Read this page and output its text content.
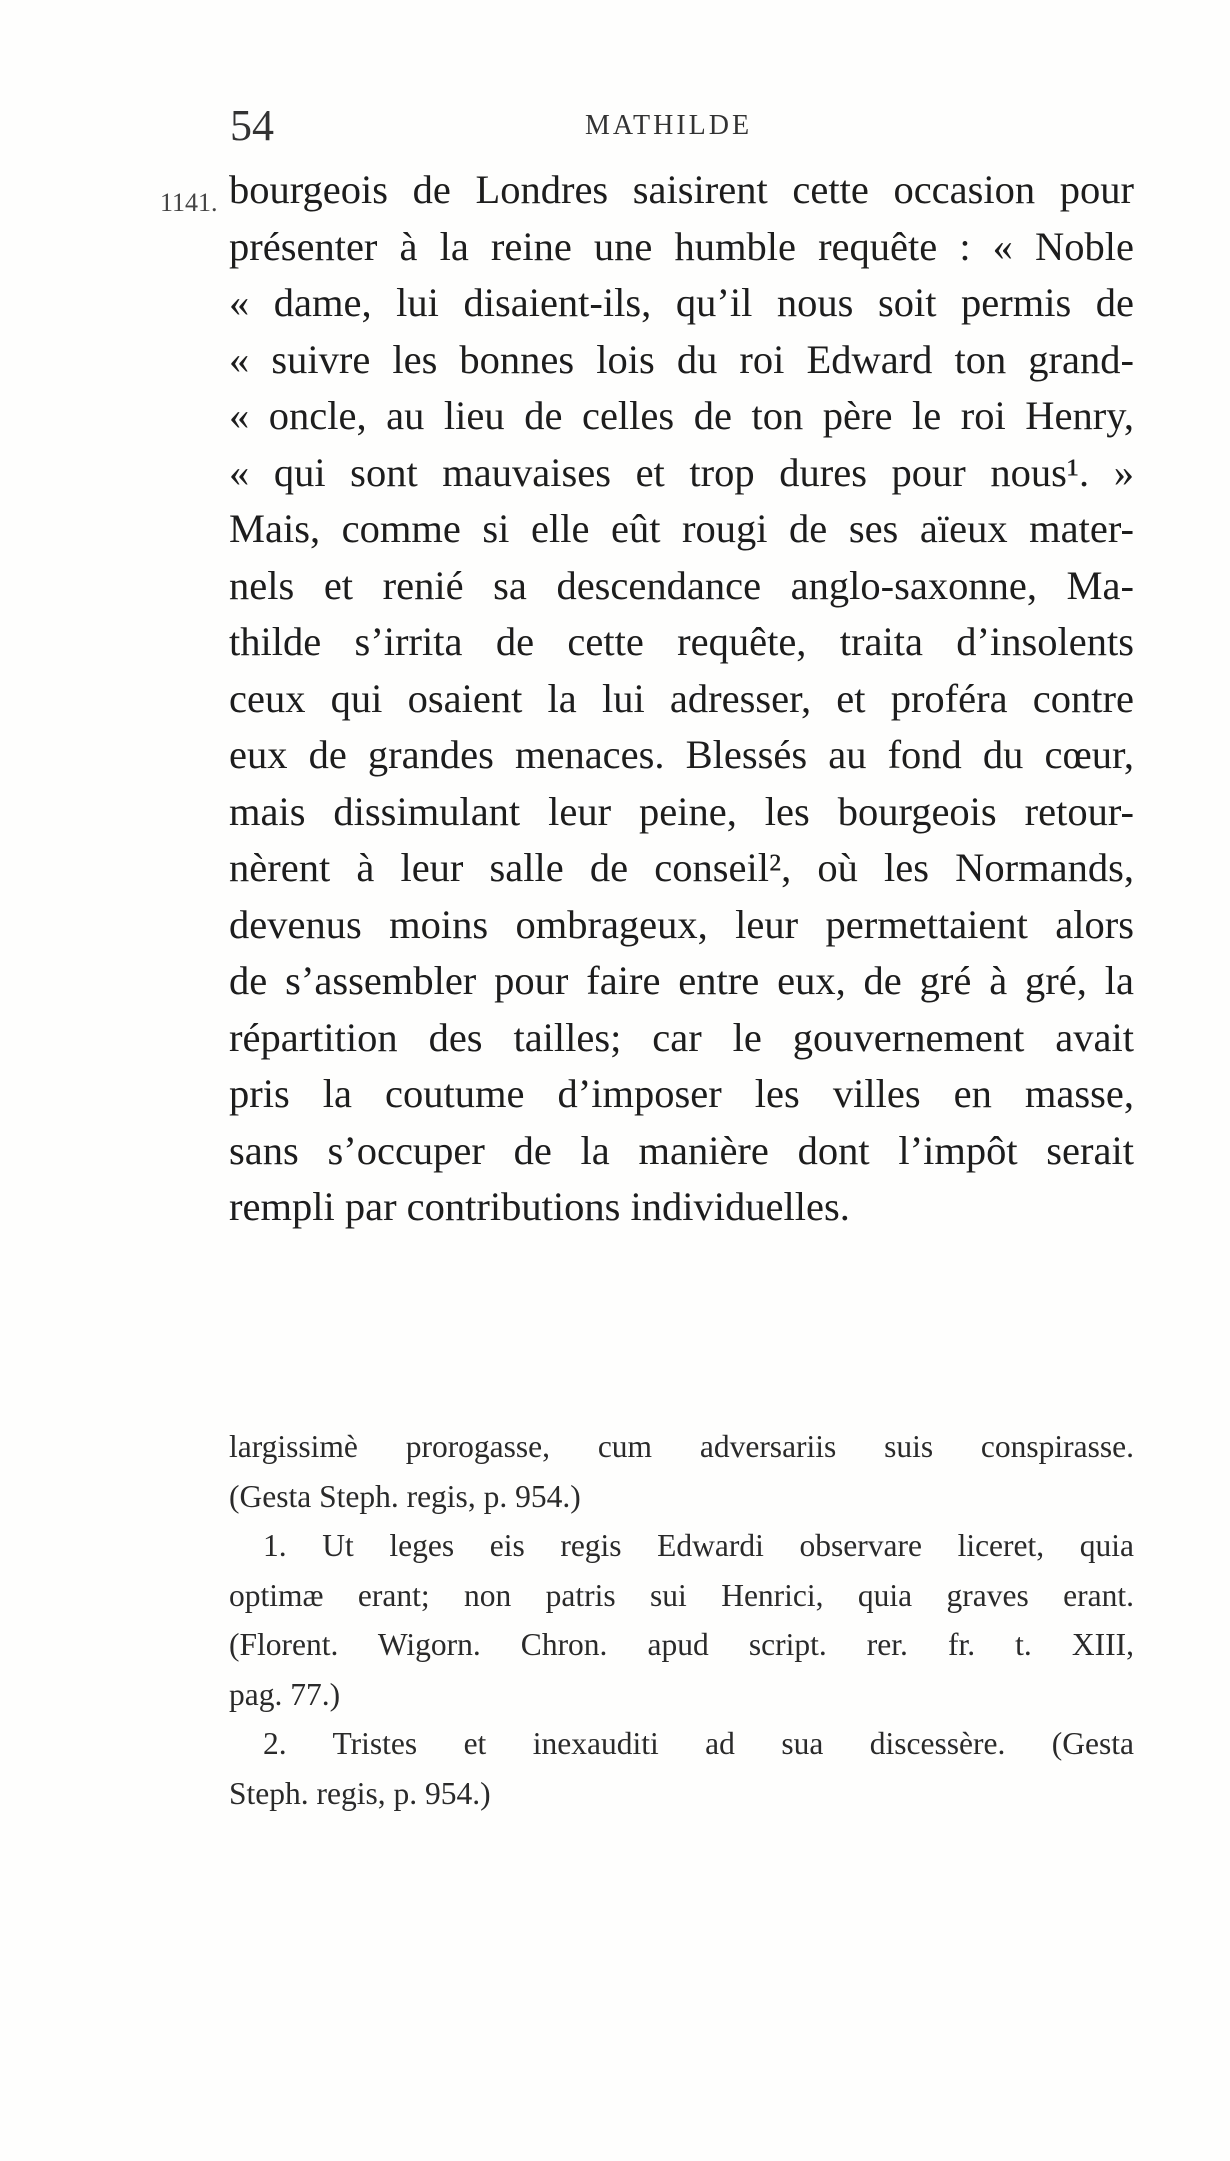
54	MATHILDE
1141. bourgeois de Londres saisirent cette occasion pour
présenter à la reine une humble requête : « Noble
« dame, lui disaient-ils, qu’il nous soit permis de
« suivre les bonnes lois du roi Edward ton grand-
« oncle, au lieu de celles de ton père le roi Henry,
« qui sont mauvaises et trop dures pour nous¹. »
Mais, comme si elle eût rougi de ses aïeux mater-
nels et renié sa descendance anglo-saxonne, Ma-
thilde s’irrita de cette requête, traita d’insolents
ceux qui osaient la lui adresser, et proféra contre
eux de grandes menaces. Blessés au fond du cœur,
mais dissimulant leur peine, les bourgeois retour-
nèrent à leur salle de conseil², où les Normands,
devenus moins ombrageux, leur permettaient alors
de s’assembler pour faire entre eux, de gré à gré, la
répartition des tailles; car le gouvernement avait
pris la coutume d’imposer les villes en masse,
sans s’occuper de la manière dont l’impôt serait
rempli par contributions individuelles.
largissimè prorogasse, cum adversariis suis conspirasse.
(Gesta Steph. regis, p. 954.)
1. Ut leges eis regis Edwardi observare liceret, quia
optimæ erant; non patris sui Henrici, quia graves erant.
(Florent. Wigorn. Chron. apud script. rer. fr. t. XIII,
pag. 77.)
2. Tristes et inexauditi ad sua discessère. (Gesta
Steph. regis, p. 954.)
